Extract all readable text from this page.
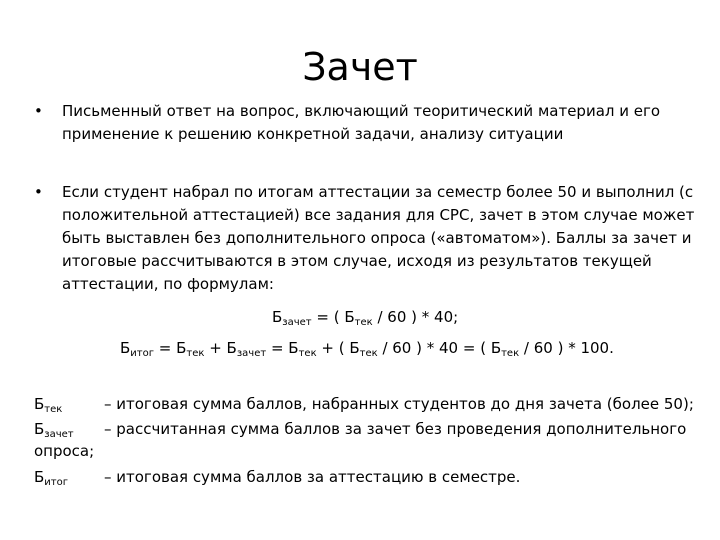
Зачет
•	Письменный ответ на вопрос, включающий теоритический материал и его применение к решению конкретной задачи, анализу ситуации
•	Если студент набрал по итогам аттестации за семестр более 50 и выполнил (с положительной аттестацией) все задания для СРС, зачет в этом случае может быть выставлен без дополнительного опроса («автоматом»). Баллы за зачет и итоговые рассчитываются в этом случае, исходя из результатов текущей аттестации, по формулам:
$Б_{зачет}$ = ( $Б_{тек} / 60$ ) * 40;
$Б_{итог} = Б_{тек} + Б_{зачет} = Б_{тек}$ + ( $Б_{тек} / 60$ ) * 40 = ( $Б_{тек} / 60$ ) * 100.
$Б_{тек}$	– итоговая сумма баллов, набранных студентов до дня зачета (более 50);
$Б_{зачет}$ – рассчитанная сумма баллов за зачет без проведения дополнительного
опроса;
$Б_{итог}$ – итоговая сумма баллов за аттестацию в семестре.
